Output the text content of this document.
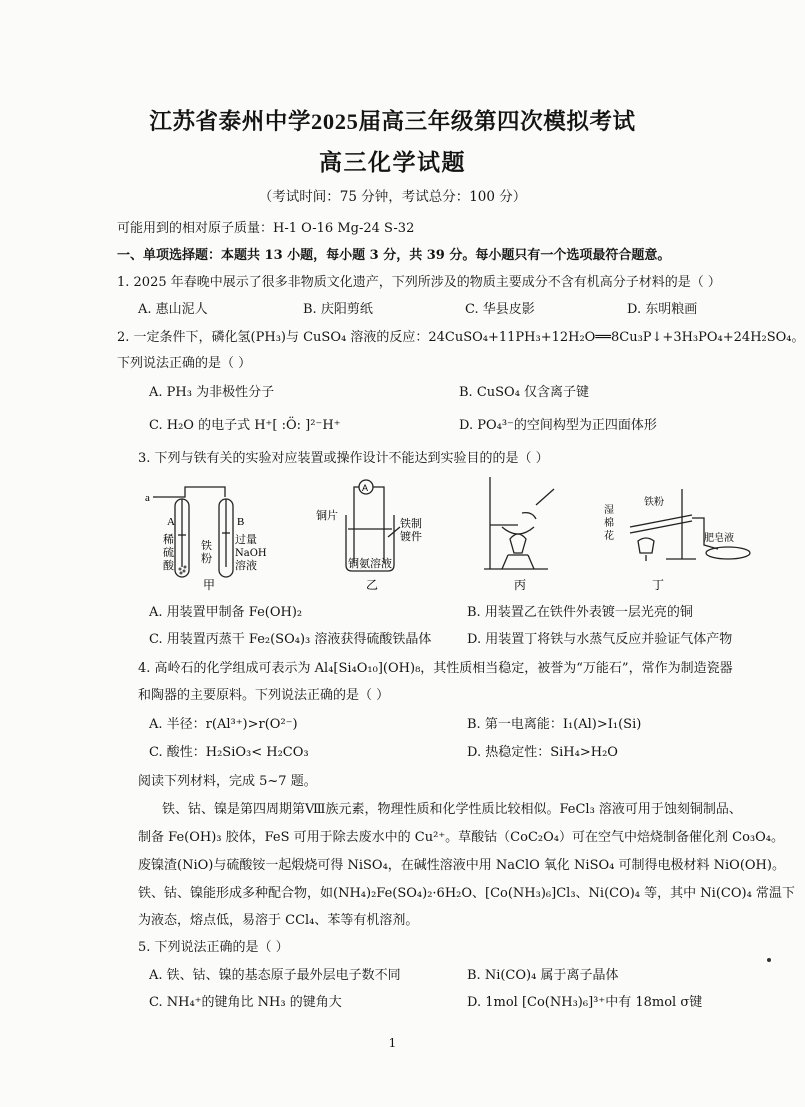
江苏省泰州中学2025届高三年级第四次模拟考试
高三化学试题
（考试时间：75 分钟，考试总分：100 分）
可能用到的相对原子质量：H-1 O-16 Mg-24 S-32
一、单项选择题：本题共 13 小题，每小题 3 分，共 39 分。每小题只有一个选项最符合题意。
1. 2025 年春晚中展示了很多非物质文化遗产，下列所涉及的物质主要成分不含有机高分子材料的是（ ）
A. 惠山泥人	B. 庆阳剪纸	C. 华县皮影	D. 东明粮画
2. 一定条件下，磷化氢(PH₃)与 CuSO₄ 溶液的反应：24CuSO₄+11PH₃+12H₂O══8Cu₃P↓+3H₃PO₄+24H₂SO₄。
下列说法正确的是（ ）
A. PH₃ 为非极性分子	B. CuSO₄ 仅含离子键
C. H₂O 的电子式 H⁺[ :Ö: ]²⁻H⁺	D. PO₄³⁻的空间构型为正四面体形
3. 下列与铁有关的实验对应装置或操作设计不能达到实验目的的是（ ）
a
A	B
稀
硫
酸
铁
粉
过量
NaOH
溶液
甲
A
铜片
铁制
镀件
铜氨溶液
乙	丙
湿
棉
花
铁粉
肥皂液
丁
A. 用装置甲制备 Fe(OH)₂	B. 用装置乙在铁件外表镀一层光亮的铜
C. 用装置丙蒸干 Fe₂(SO₄)₃ 溶液获得硫酸铁晶体	D. 用装置丁将铁与水蒸气反应并验证气体产物
4. 高岭石的化学组成可表示为 Al₄[Si₄O₁₀](OH)₈，其性质相当稳定，被誉为“万能石”，常作为制造瓷器
和陶器的主要原料。下列说法正确的是（ ）
A. 半径：r(Al³⁺)>r(O²⁻)	B. 第一电离能：I₁(Al)>I₁(Si)
C. 酸性：H₂SiO₃< H₂CO₃	D. 热稳定性：SiH₄>H₂O
阅读下列材料，完成 5~7 题。
铁、钴、镍是第四周期第Ⅷ族元素，物理性质和化学性质比较相似。FeCl₃ 溶液可用于蚀刻铜制品、
制备 Fe(OH)₃ 胶体，FeS 可用于除去废水中的 Cu²⁺。草酸钴（CoC₂O₄）可在空气中焙烧制备催化剂 Co₃O₄。
废镍渣(NiO)与硫酸铵一起煅烧可得 NiSO₄，在碱性溶液中用 NaClO 氧化 NiSO₄ 可制得电极材料 NiO(OH)。
铁、钴、镍能形成多种配合物，如(NH₄)₂Fe(SO₄)₂·6H₂O、[Co(NH₃)₆]Cl₃、Ni(CO)₄ 等，其中 Ni(CO)₄ 常温下
为液态，熔点低，易溶于 CCl₄、苯等有机溶剂。
5. 下列说法正确的是（ ）
A. 铁、钴、镍的基态原子最外层电子数不同	B. Ni(CO)₄ 属于离子晶体
C. NH₄⁺的键角比 NH₃ 的键角大	D. 1mol [Co(NH₃)₆]³⁺中有 18mol σ键
1
